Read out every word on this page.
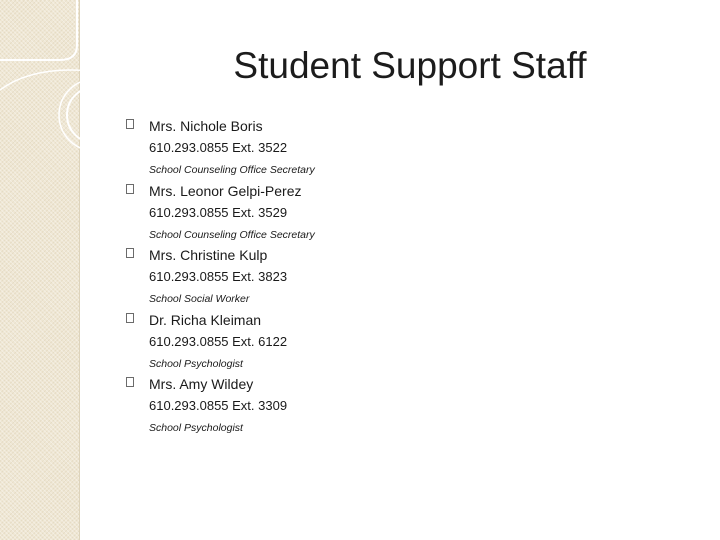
Student Support Staff
Mrs. Nichole Boris
610.293.0855 Ext. 3522
School Counseling Office Secretary
Mrs. Leonor Gelpi-Perez
610.293.0855 Ext. 3529
School Counseling Office Secretary
Mrs. Christine Kulp
610.293.0855 Ext. 3823
School Social Worker
Dr. Richa Kleiman
610.293.0855 Ext. 6122
School Psychologist
Mrs. Amy Wildey
610.293.0855 Ext. 3309
School Psychologist
